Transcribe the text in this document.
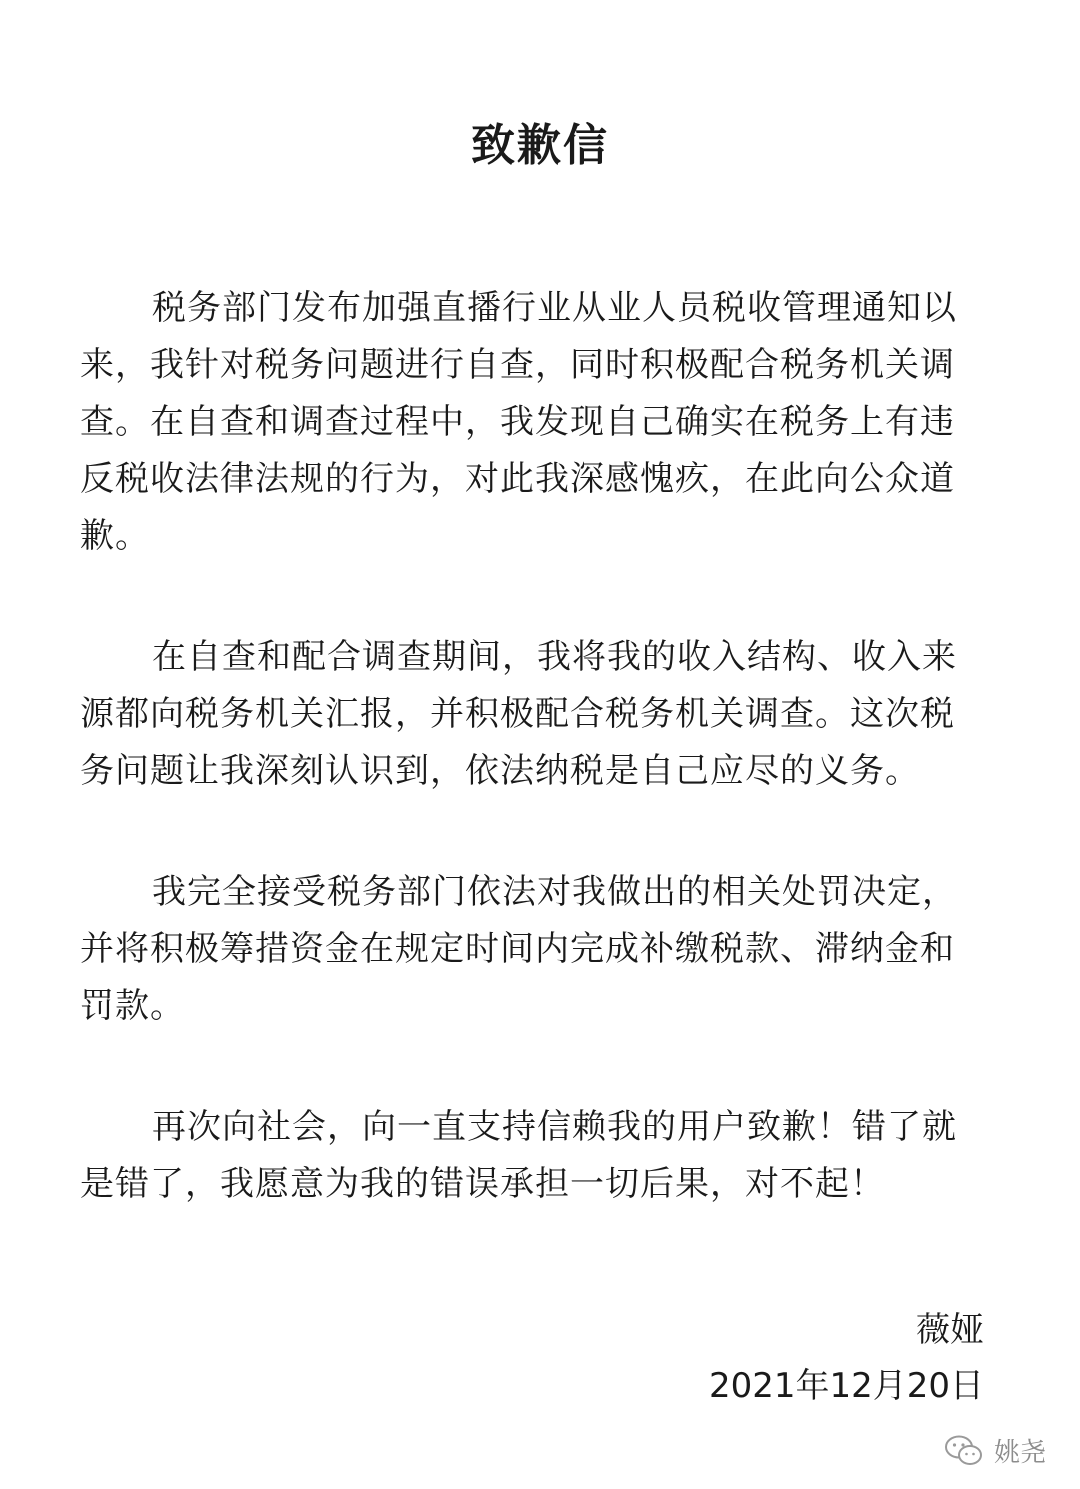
致歉信

税务部门发布加强直播行业从业人员税收管理通知以来，我针对税务问题进行自查，同时积极配合税务机关调查。在自查和调查过程中，我发现自己确实在税务上有违反税收法律法规的行为，对此我深感愧疚，在此向公众道歉。

在自查和配合调查期间，我将我的收入结构、收入来源都向税务机关汇报，并积极配合税务机关调查。这次税务问题让我深刻认识到，依法纳税是自己应尽的义务。

我完全接受税务部门依法对我做出的相关处罚决定，并将积极筹措资金在规定时间内完成补缴税款、滞纳金和罚款。

再次向社会，向一直支持信赖我的用户致歉！错了就是错了，我愿意为我的错误承担一切后果，对不起！

薇娅
2021年12月20日
姚尧
